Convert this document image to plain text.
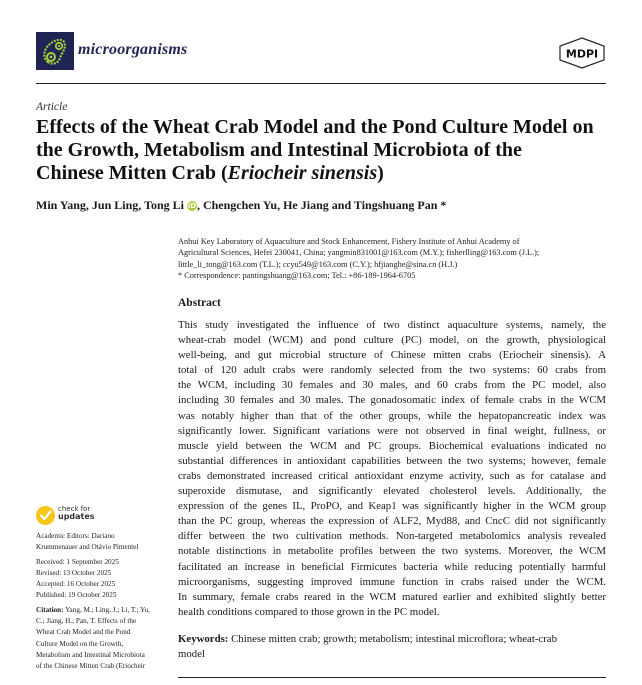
microorganisms	MDPI
Article
Effects of the Wheat Crab Model and the Pond Culture Model on
the Growth, Metabolism and Intestinal Microbiota of the
Chinese Mitten Crab (Eriocheir sinensis)
Min Yang, Jun Ling, Tong Li iD, Chengchen Yu, He Jiang and Tingshuang Pan *
Anhui Key Laboratory of Aquaculture and Stock Enhancement, Fishery Institute of Anhui Academy of
Agricultural Sciences, Hefei 230041, China; yangmin831001@163.com (M.Y.); fisherlling@163.com (J.L.);
little_li_tong@163.com (T.L.); ccyu549@163.com (C.Y.); hfjianghe@sina.cn (H.J.)
* Correspondence: pantingshuang@163.com; Tel.: +86-189-1964-6705
Abstract
This study investigated the influence of two distinct aquaculture systems, namely, the
wheat-crab model (WCM) and pond culture (PC) model, on the growth, physiological
well-being, and gut microbial structure of Chinese mitten crabs (Eriocheir sinensis). A
total of 120 adult crabs were randomly selected from the two systems: 60 crabs from
the WCM, including 30 females and 30 males, and 60 crabs from the PC model, also
including 30 females and 30 males. The gonadosomatic index of female crabs in the WCM
was notably higher than that of the other groups, while the hepatopancreatic index was
significantly lower. Significant variations were not observed in final weight, fullness, or
muscle yield between the WCM and PC groups. Biochemical evaluations indicated no
substantial differences in antioxidant capabilities between the two systems; however, female
crabs demonstrated increased critical antioxidant enzyme activity, such as for catalase and
superoxide dismutase, and significantly elevated cholesterol levels. Additionally, the
expression of the genes IL, ProPO, and Keap1 was significantly higher in the WCM group
than the PC group, whereas the expression of ALF2, Myd88, and CncC did not significantly
differ between the two cultivation methods. Non-targeted metabolomics analysis revealed
notable distinctions in metabolite profiles between the two systems. Moreover, the WCM
facilitated an increase in beneficial Firmicutes bacteria while reducing potentially harmful
microorganisms, suggesting improved immune function in crabs raised under the WCM.
In summary, female crabs reared in the WCM matured earlier and exhibited slightly better
health conditions compared to those grown in the PC model.
Keywords: Chinese mitten crab; growth; metabolism; intestinal microflora; wheat-crab
model
check for
updates
Academic Editors: Dariano
Krummenauer and Otávio Pimentel
Received: 1 September 2025
Revised: 13 October 2025
Accepted: 16 October 2025
Published: 19 October 2025
Citation: Yang, M.; Ling, J.; Li, T.; Yu,
C.; Jiang, H.; Pan, T. Effects of the
Wheat Crab Model and the Pond
Culture Model on the Growth,
Metabolism and Intestinal Microbiota
of the Chinese Mitten Crab (Eriocheir
